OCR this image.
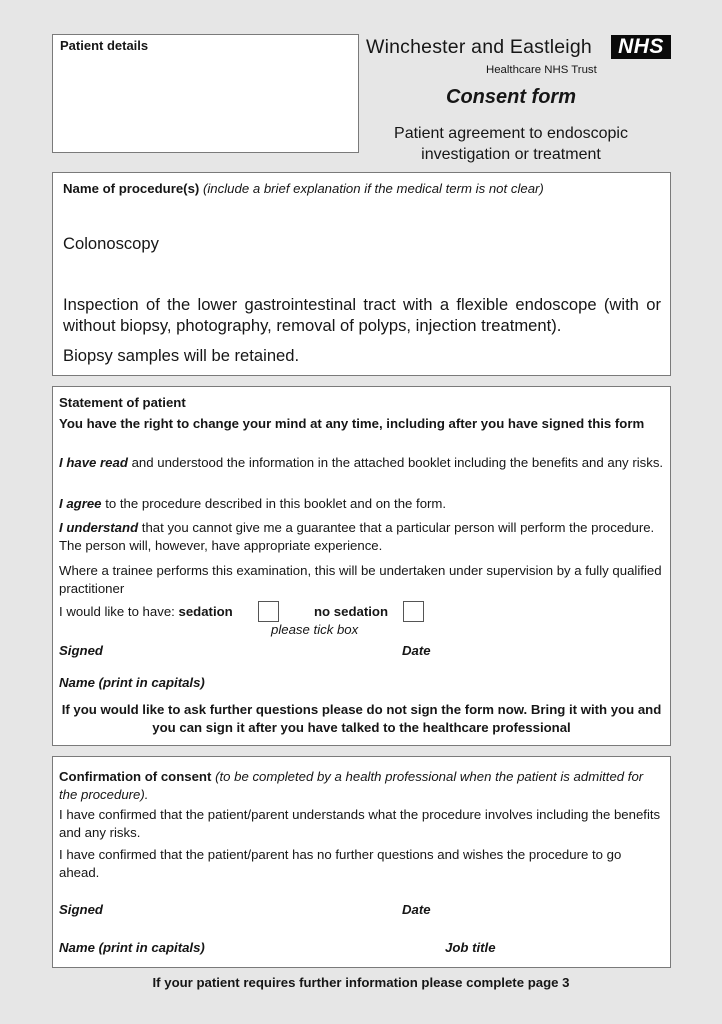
Patient details	Winchester and Eastleigh	NHS
Healthcare NHS Trust
Consent form
Patient agreement to endoscopic investigation or treatment
Name of procedure(s) (include a brief explanation if the medical term is not clear)
Colonoscopy
Inspection of the lower gastrointestinal tract with a flexible endoscope (with or without biopsy, photography, removal of polyps, injection treatment).
Biopsy samples will be retained.
Statement of patient
You have the right to change your mind at any time, including after you have signed this form
I have read and understood the information in the attached booklet including the benefits and any risks.
I agree to the procedure described in this booklet and on the form.
I understand that you cannot give me a guarantee that a particular person will perform the procedure. The person will, however, have appropriate experience.
Where a trainee performs this examination, this will be undertaken under supervision by a fully qualified practitioner
I would like to have: sedation	no sedation
please tick box
Signed	Date
Name (print in capitals)
If you would like to ask further questions please do not sign the form now. Bring it with you and you can sign it after you have talked to the healthcare professional
Confirmation of consent (to be completed by a health professional when the patient is admitted for the procedure).
I have confirmed that the patient/parent understands what the procedure involves including the benefits and any risks.
I have confirmed that the patient/parent has no further questions and wishes the procedure to go ahead.
Signed	Date
Name (print in capitals)	Job title
If your patient requires further information please complete page 3
